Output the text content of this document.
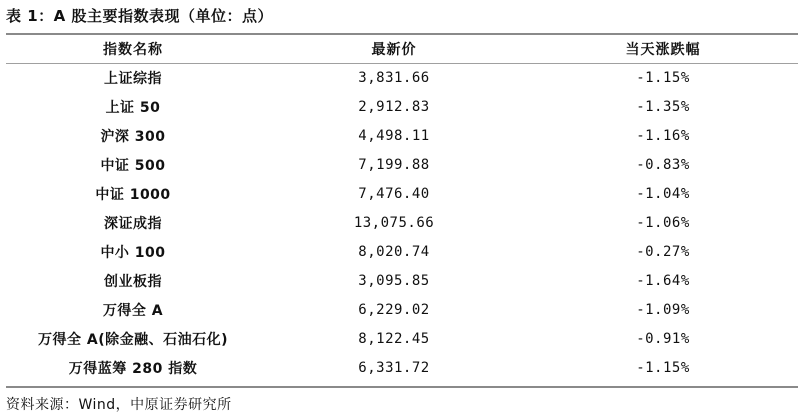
表 1：A 股主要指数表现（单位：点）
指数名称	最新价	当天涨跌幅
上证综指	3,831.66	-1.15%
上证 50	2,912.83	-1.35%
沪深 300	4,498.11	-1.16%
中证 500	7,199.88	-0.83%
中证 1000	7,476.40	-1.04%
深证成指	13,075.66	-1.06%
中小 100	8,020.74	-0.27%
创业板指	3,095.85	-1.64%
万得全 A	6,229.02	-1.09%
万得全 A(除金融、石油石化)	8,122.45	-0.91%
万得蓝筹 280 指数	6,331.72	-1.15%
资料来源：Wind，中原证券研究所
